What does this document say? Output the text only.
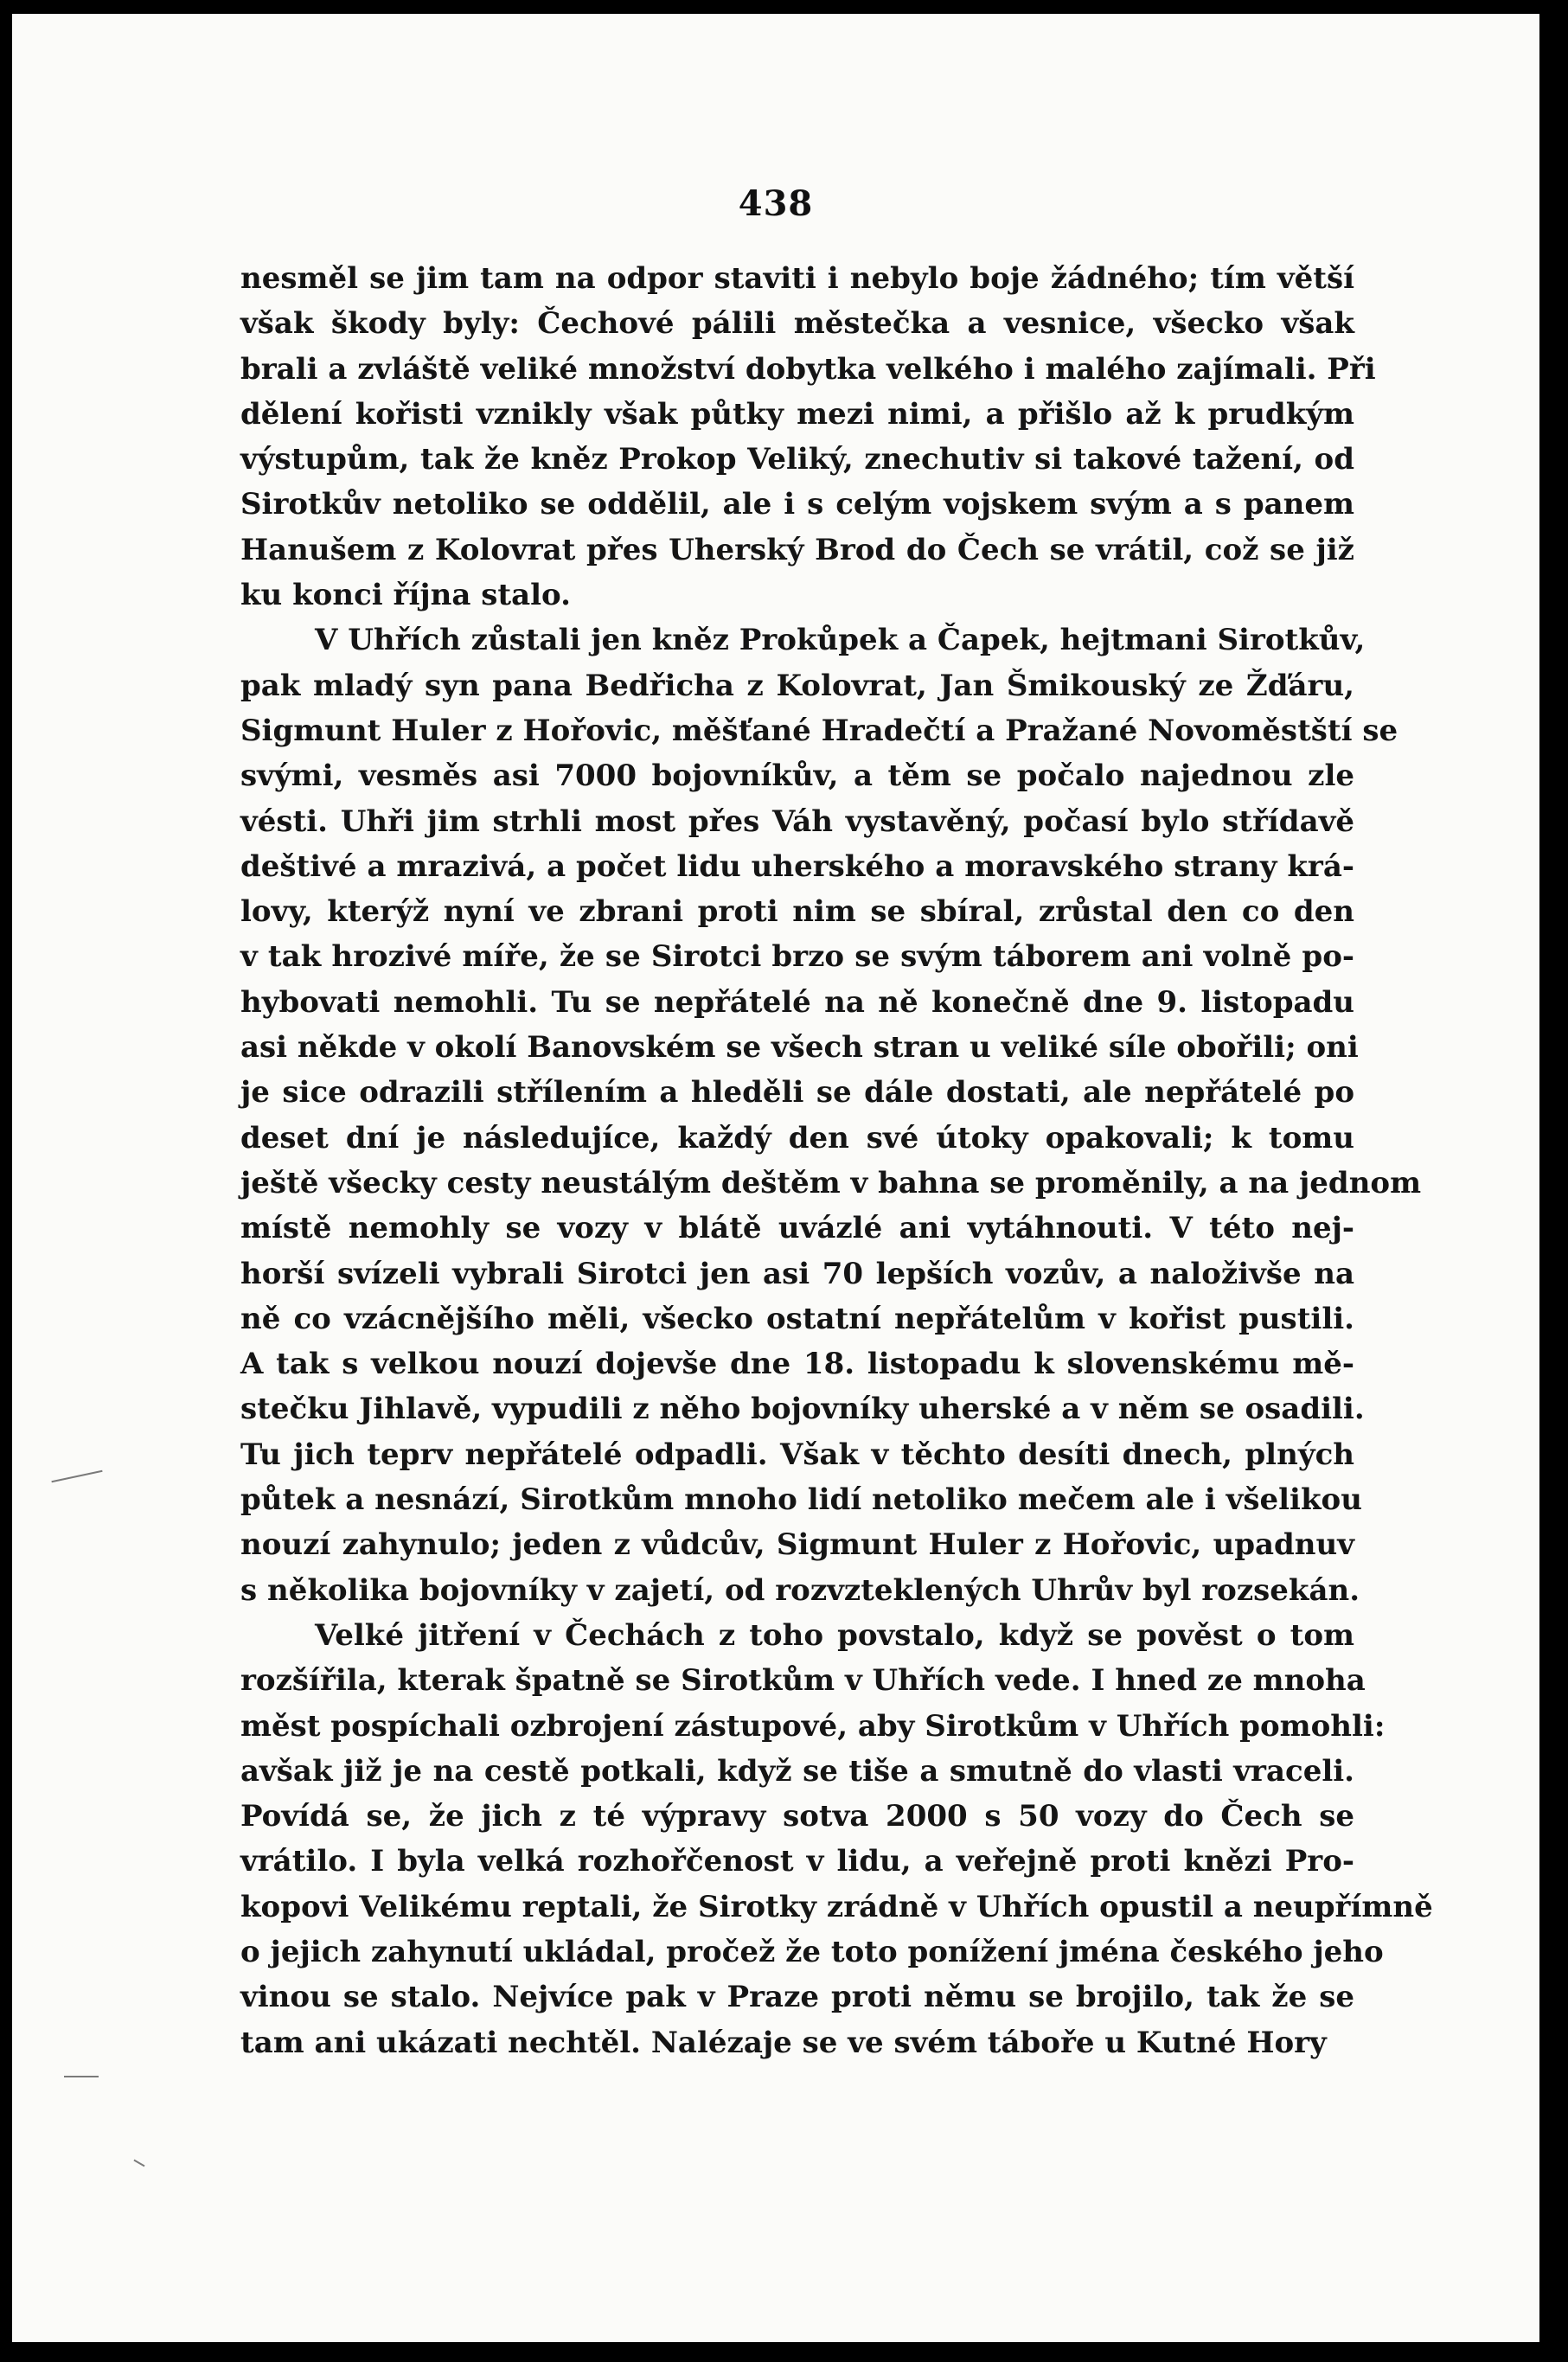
438

nesměl se jim tam na odpor staviti i nebylo boje žádného; tím větší
však škody byly: Čechové pálili městečka a vesnice, všecko však
brali a zvláště veliké množství dobytka velkého i malého zajímali. Při
dělení kořisti vznikly však půtky mezi nimi, a přišlo až k prudkým
výstupům, tak že kněz Prokop Veliký, znechutiv si takové tažení, od
Sirotkův netoliko se oddělil, ale i s celým vojskem svým a s panem
Hanušem z Kolovrat přes Uherský Brod do Čech se vrátil, což se již
ku konci října stalo.

V Uhřích zůstali jen kněz Prokůpek a Čapek, hejtmani Sirotkův,
pak mladý syn pana Bedřicha z Kolovrat, Jan Šmikouský ze Žďáru,
Sigmunt Huler z Hořovic, měšťané Hradečtí a Pražané Novoměstští se
svými, vesměs asi 7000 bojovníkův, a těm se počalo najednou zle
vésti. Uhři jim strhli most přes Váh vystavěný, počasí bylo střídavě
deštivé a mrazivá, a počet lidu uherského a moravského strany krá-
lovy, kterýž nyní ve zbrani proti nim se sbíral, zrůstal den co den
v tak hrozivé míře, že se Sirotci brzo se svým táborem ani volně po-
hybovati nemohli. Tu se nepřátelé na ně konečně dne 9. listopadu
asi někde v okolí Banovském se všech stran u veliké síle obořili; oni
je sice odrazili střílením a hleděli se dále dostati, ale nepřátelé po
deset dní je následujíce, každý den své útoky opakovali; k tomu
ještě všecky cesty neustálým deštěm v bahna se proměnily, a na jednom
místě nemohly se vozy v blátě uvázlé ani vytáhnouti. V této nej-
horší svízeli vybrali Sirotci jen asi 70 lepších vozův, a naloživše na
ně co vzácnějšího měli, všecko ostatní nepřátelům v kořist pustili.
A tak s velkou nouzí dojevše dne 18. listopadu k slovenskému mě-
stečku Jihlavě, vypudili z něho bojovníky uherské a v něm se osadili.
Tu jich teprv nepřátelé odpadli. Však v těchto desíti dnech, plných
půtek a nesnází, Sirotkům mnoho lidí netoliko mečem ale i všelikou
nouzí zahynulo; jeden z vůdcův, Sigmunt Huler z Hořovic, upadnuv
s několika bojovníky v zajetí, od rozvzteklených Uhrův byl rozsekán.

Velké jitření v Čechách z toho povstalo, když se pověst o tom
rozšířila, kterak špatně se Sirotkům v Uhřích vede. I hned ze mnoha
měst pospíchali ozbrojení zástupové, aby Sirotkům v Uhřích pomohli:
avšak již je na cestě potkali, když se tiše a smutně do vlasti vraceli.
Povídá se, že jich z té výpravy sotva 2000 s 50 vozy do Čech se
vrátilo. I byla velká rozhořčenost v lidu, a veřejně proti knězi Pro-
kopovi Velikému reptali, že Sirotky zrádně v Uhřích opustil a neupřímně
o jejich zahynutí ukládal, pročež že toto ponížení jména českého jeho
vinou se stalo. Nejvíce pak v Praze proti němu se brojilo, tak že se
tam ani ukázati nechtěl. Nalézaje se ve svém táboře u Kutné Hory
